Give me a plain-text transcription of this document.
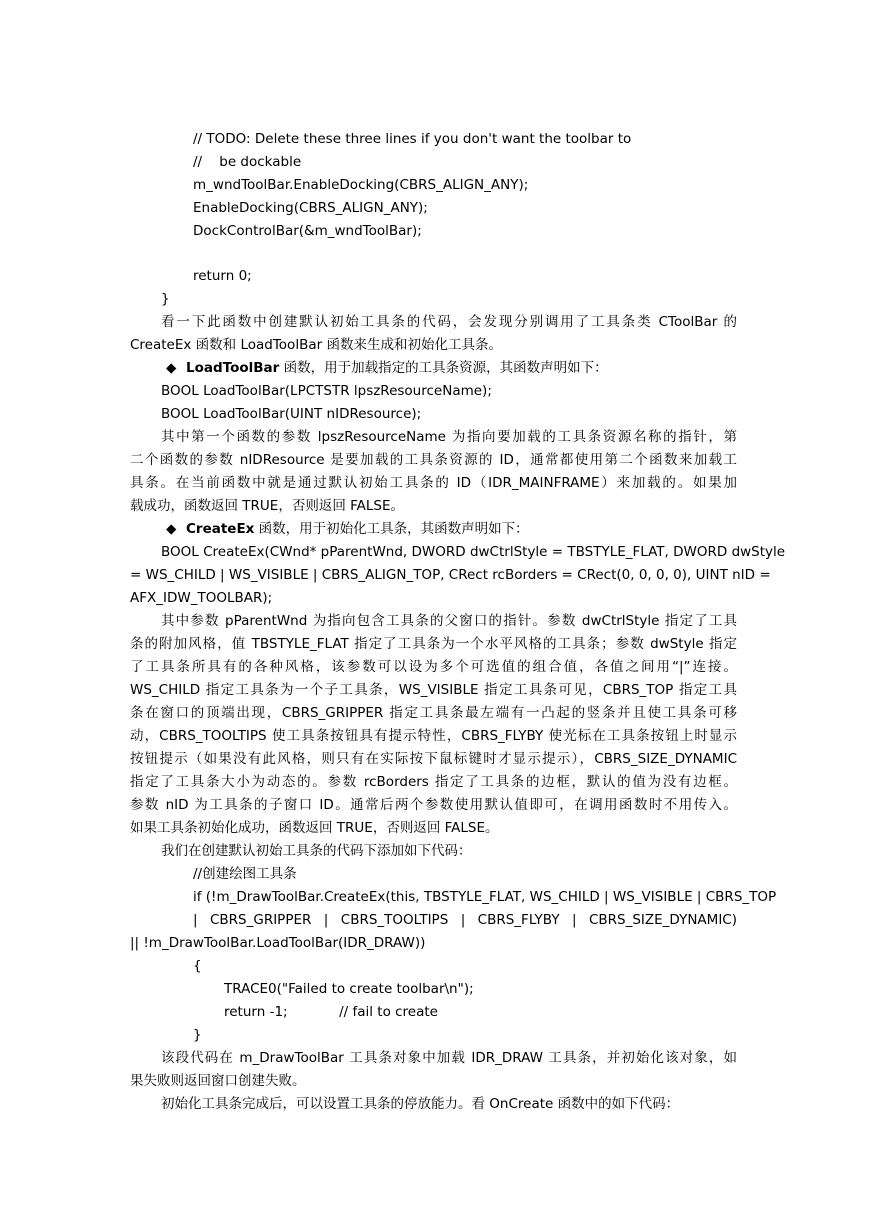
// TODO: Delete these three lines if you don't want the toolbar to
//    be dockable
m_wndToolBar.EnableDocking(CBRS_ALIGN_ANY);
EnableDocking(CBRS_ALIGN_ANY);
DockControlBar(&m_wndToolBar);
return 0;
}
看一下此函数中创建默认初始工具条的代码，会发现分别调用了工具条类 CToolBar 的
CreateEx 函数和 LoadToolBar 函数来生成和初始化工具条。
◆ LoadToolBar 函数，用于加载指定的工具条资源，其函数声明如下：
BOOL LoadToolBar(LPCTSTR lpszResourceName);
BOOL LoadToolBar(UINT nIDResource);
其中第一个函数的参数 lpszResourceName 为指向要加载的工具条资源名称的指针，第
二个函数的参数 nIDResource 是要加载的工具条资源的 ID，通常都使用第二个函数来加载工
具条。在当前函数中就是通过默认初始工具条的 ID（IDR_MAINFRAME）来加载的。如果加
载成功，函数返回 TRUE，否则返回 FALSE。
◆ CreateEx 函数，用于初始化工具条，其函数声明如下：
BOOL CreateEx(CWnd* pParentWnd, DWORD dwCtrlStyle = TBSTYLE_FLAT, DWORD dwStyle
= WS_CHILD | WS_VISIBLE | CBRS_ALIGN_TOP, CRect rcBorders = CRect(0, 0, 0, 0), UINT nID =
AFX_IDW_TOOLBAR);
其中参数 pParentWnd 为指向包含工具条的父窗口的指针。参数 dwCtrlStyle 指定了工具
条的附加风格，值 TBSTYLE_FLAT 指定了工具条为一个水平风格的工具条；参数 dwStyle 指定
了工具条所具有的各种风格，该参数可以设为多个可选值的组合值，各值之间用“|”连接。
WS_CHILD 指定工具条为一个子工具条，WS_VISIBLE 指定工具条可见，CBRS_TOP 指定工具
条在窗口的顶端出现，CBRS_GRIPPER 指定工具条最左端有一凸起的竖条并且使工具条可移
动，CBRS_TOOLTIPS 使工具条按钮具有提示特性，CBRS_FLYBY 使光标在工具条按钮上时显示
按钮提示（如果没有此风格，则只有在实际按下鼠标键时才显示提示），CBRS_SIZE_DYNAMIC
指定了工具条大小为动态的。参数 rcBorders 指定了工具条的边框，默认的值为没有边框。
参数 nID 为工具条的子窗口 ID。通常后两个参数使用默认值即可，在调用函数时不用传入。
如果工具条初始化成功，函数返回 TRUE，否则返回 FALSE。
我们在创建默认初始工具条的代码下添加如下代码：
//创建绘图工具条
if (!m_DrawToolBar.CreateEx(this, TBSTYLE_FLAT, WS_CHILD | WS_VISIBLE | CBRS_TOP
| CBRS_GRIPPER | CBRS_TOOLTIPS | CBRS_FLYBY | CBRS_SIZE_DYNAMIC)
|| !m_DrawToolBar.LoadToolBar(IDR_DRAW))
{
TRACE0("Failed to create toolbar\n");
return -1;            // fail to create
}
该段代码在 m_DrawToolBar 工具条对象中加载 IDR_DRAW 工具条，并初始化该对象，如
果失败则返回窗口创建失败。
初始化工具条完成后，可以设置工具条的停放能力。看 OnCreate 函数中的如下代码：
